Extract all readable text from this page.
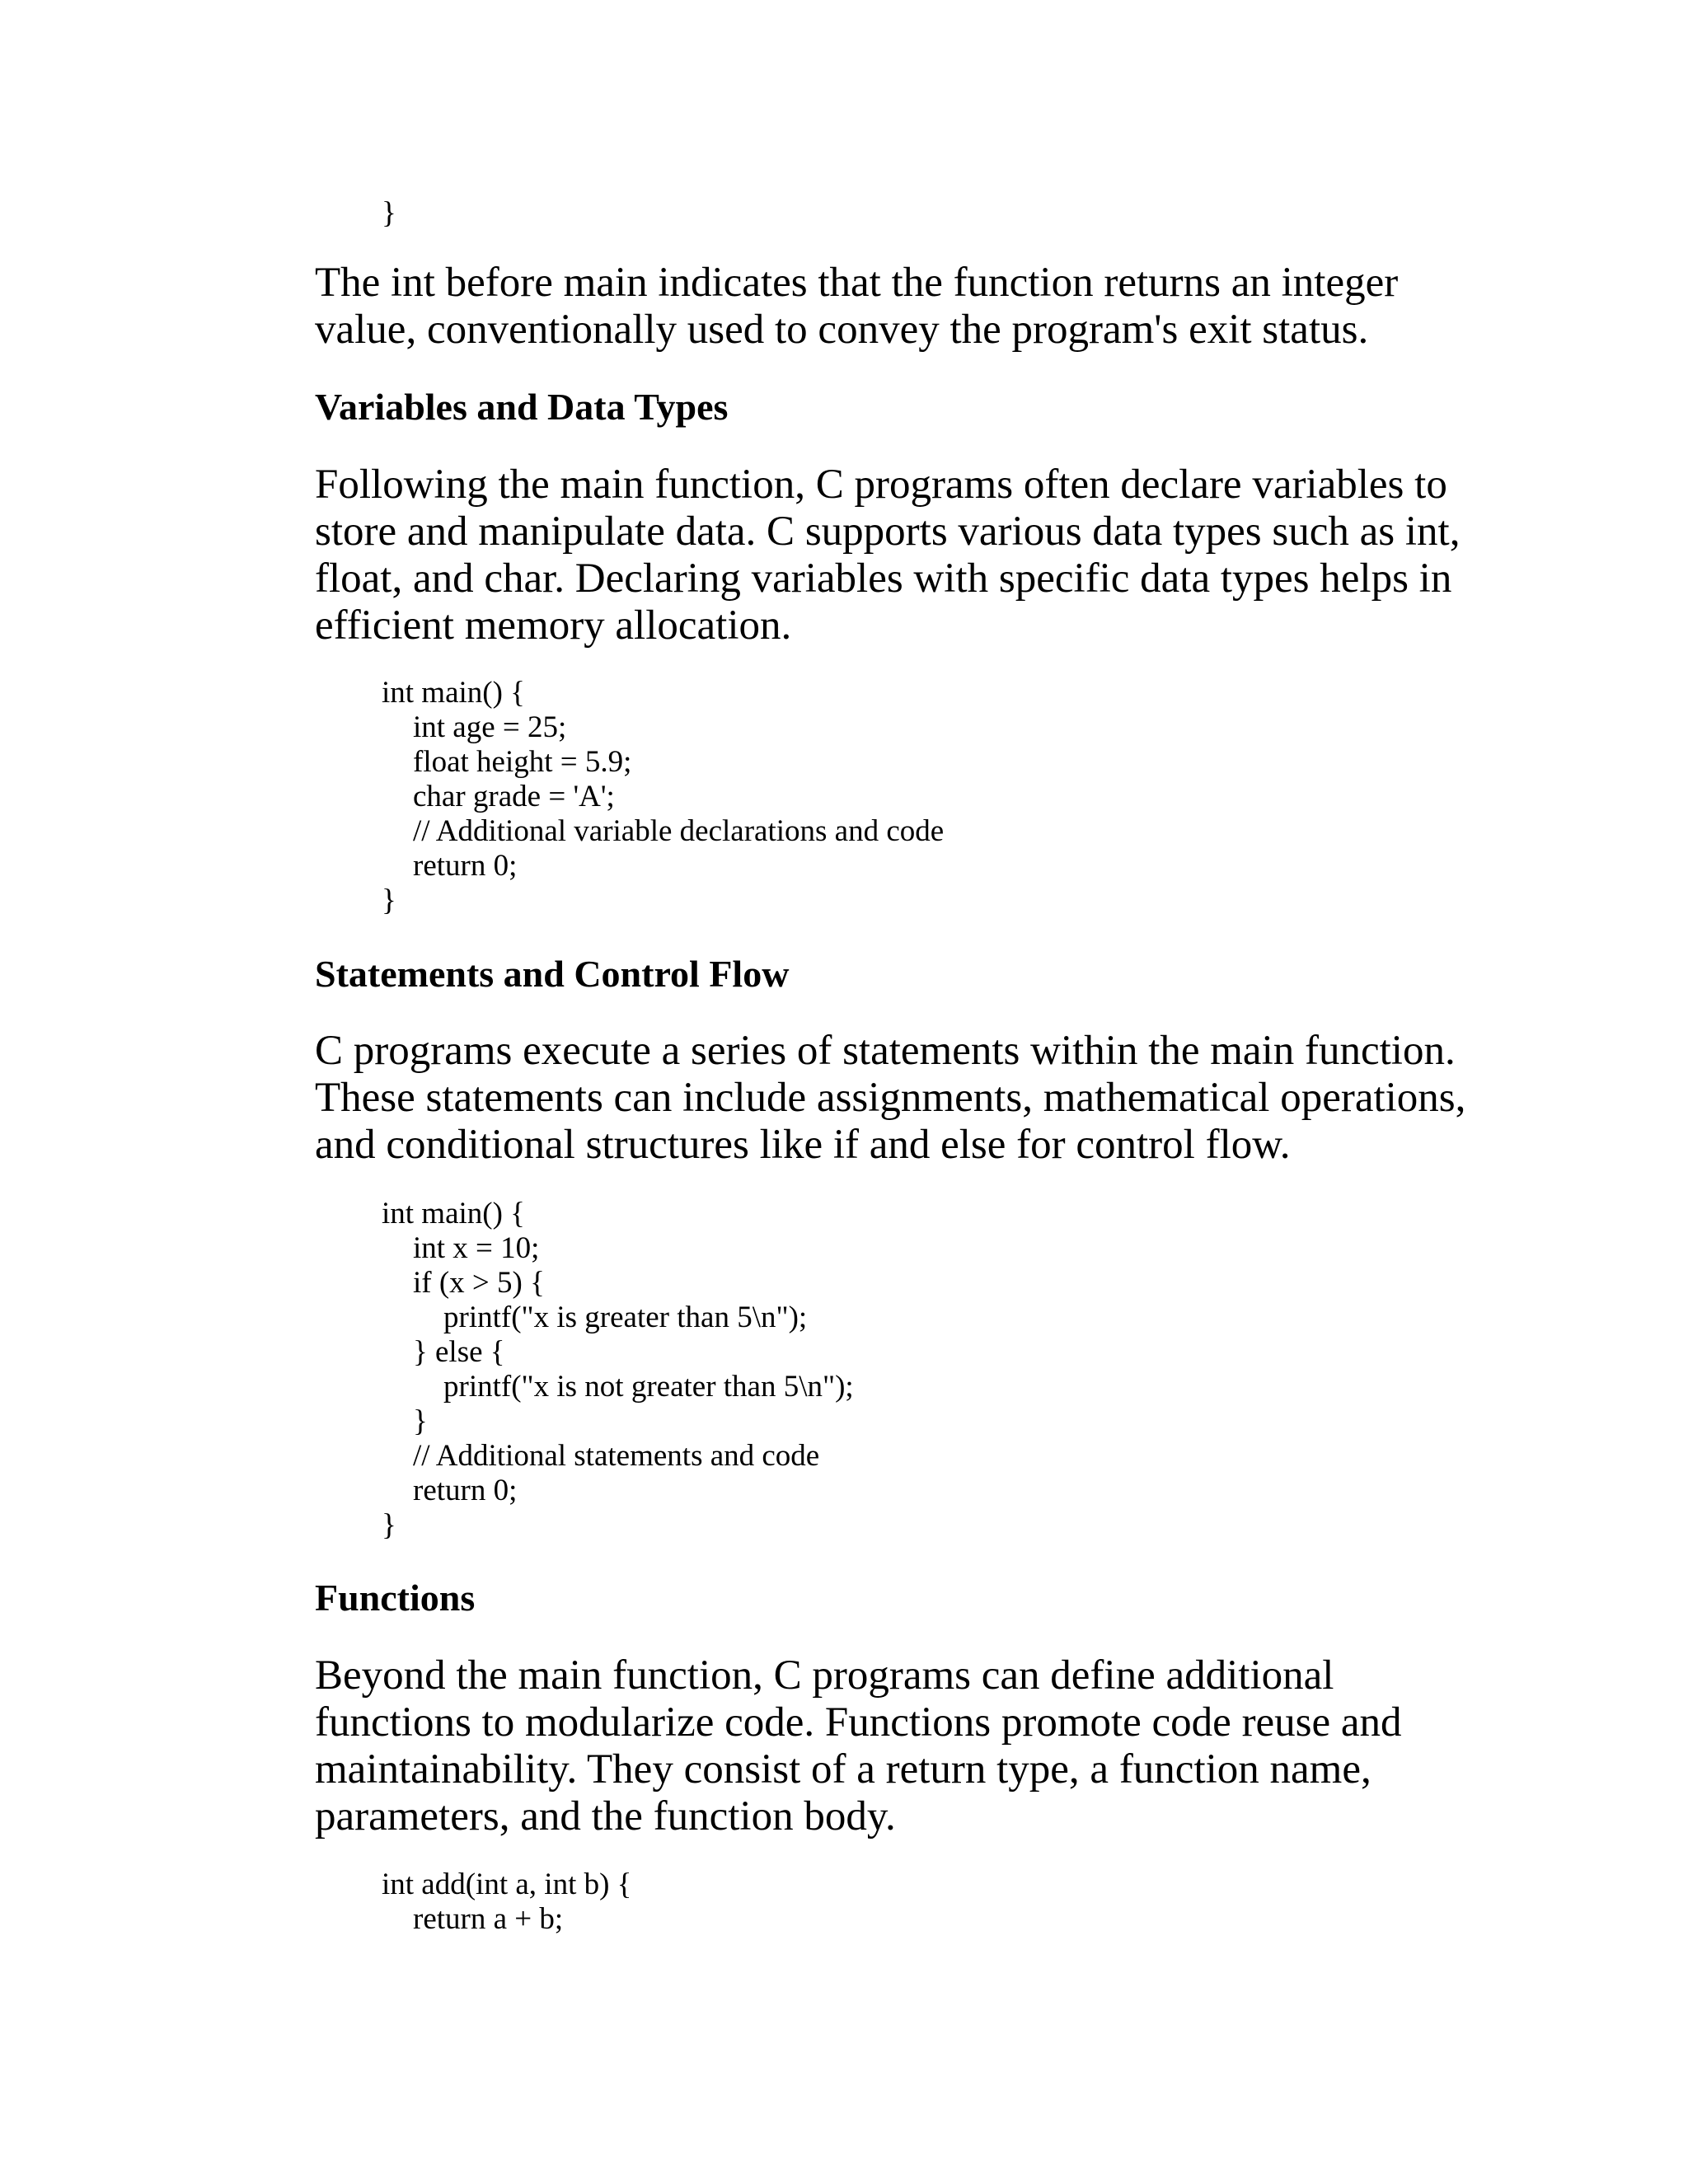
}
The int before main indicates that the function returns an integer
value, conventionally used to convey the program's exit status.
Variables and Data Types
Following the main function, C programs often declare variables to
store and manipulate data. C supports various data types such as int,
float, and char. Declaring variables with specific data types helps in
efficient memory allocation.
int main() {
int age = 25;
float height = 5.9;
char grade = 'A';
// Additional variable declarations and code
return 0;
}
Statements and Control Flow
C programs execute a series of statements within the main function.
These statements can include assignments, mathematical operations,
and conditional structures like if and else for control flow.
int main() {
int x = 10;
if (x > 5) {
printf("x is greater than 5\n");
} else {
printf("x is not greater than 5\n");
}
// Additional statements and code
return 0;
}
Functions
Beyond the main function, C programs can define additional
functions to modularize code. Functions promote code reuse and
maintainability. They consist of a return type, a function name,
parameters, and the function body.
int add(int a, int b) {
return a + b;
